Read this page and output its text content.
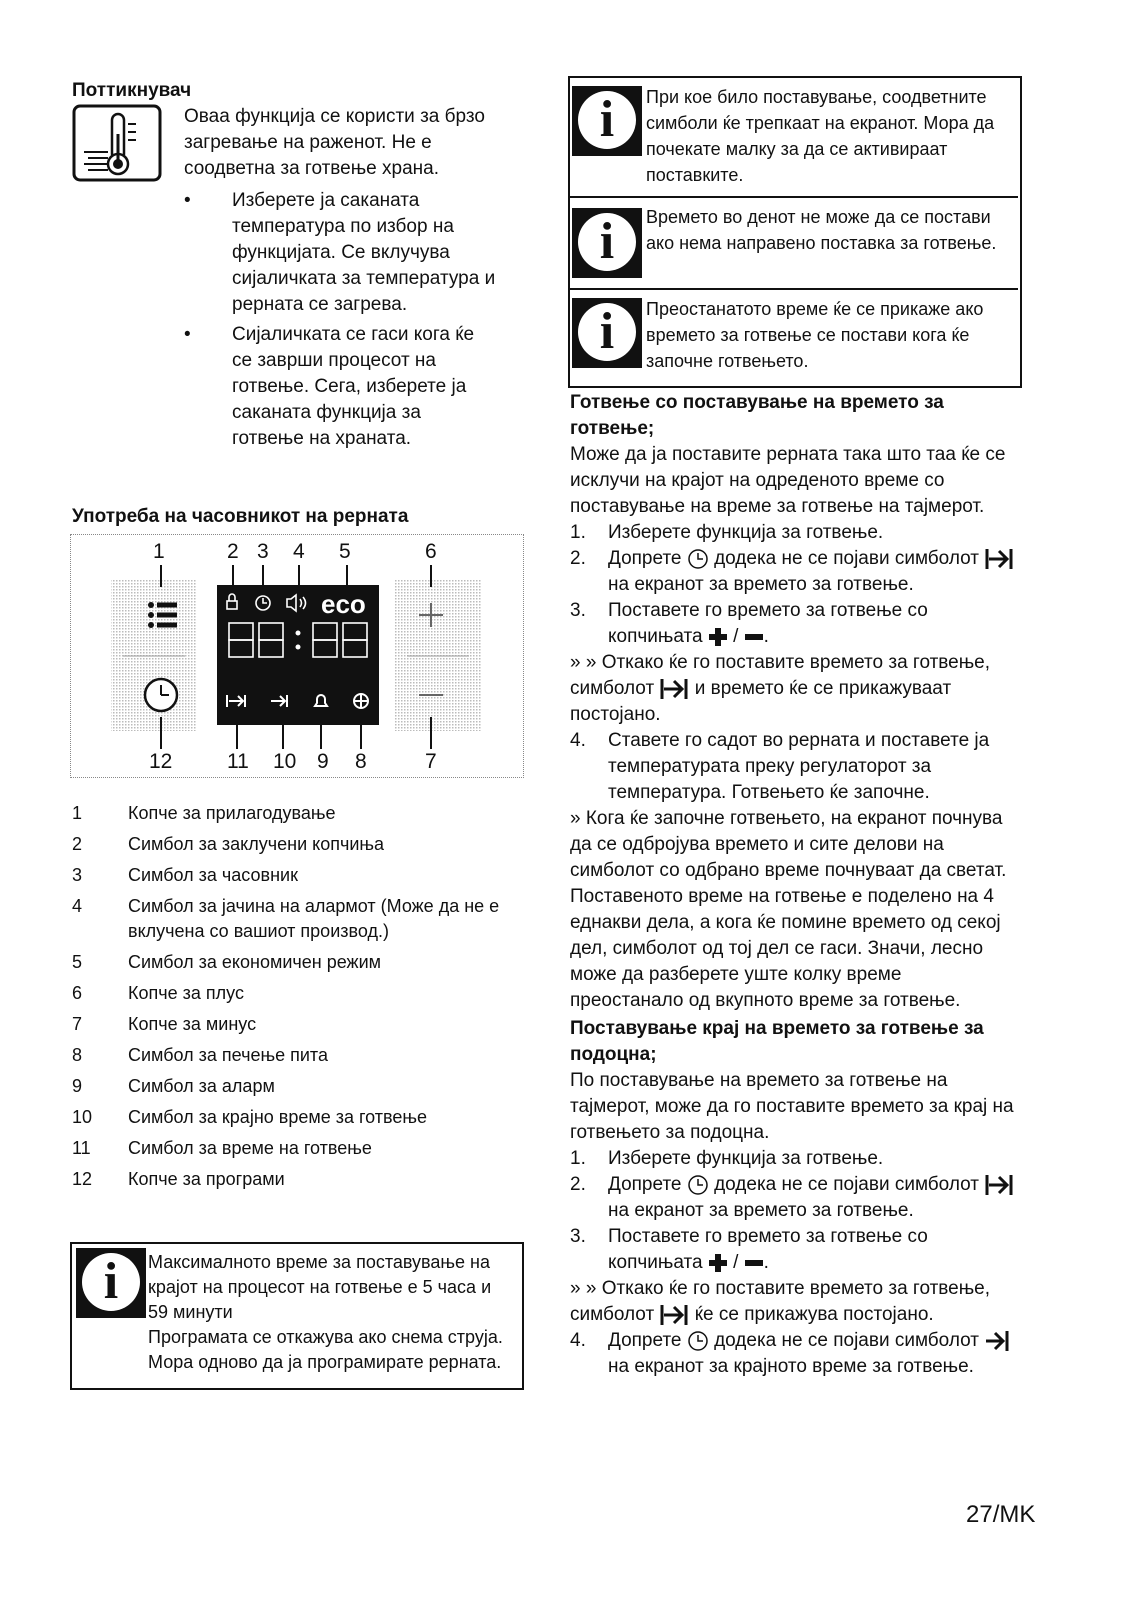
Поттикнувач

Оваа функција се користи за брзо

загревање на раженот. Не е

соодветна за готвење храна.

• Изберете ја саканата

температура по избор на

функцијата. Се вклучува

сијаличката за температура и

рерната се загрева.

• Сијаличката се гаси кога ќе

се заврши процесот на

готвење. Сега, изберете ја

саканата функција за

готвење на храната.

Употреба на часовникот на рерната
1	2 3 4 5	6
eco
12	11 10 9 8	7
1	Копче за прилагодување

2	Симбол за заклучени копчиња

3	Симбол за часовник

4	Симбол за јачина на алармот (Може да не е

вклучена со вашиот производ.)

5	Симбол за економичен режим

6	Копче за плус

7	Копче за минус

8	Симбол за печење пита

9	Симбол за аларм

10 Симбол за крајно време за готвење

11 Симбол за време на готвење

12 Копче за програми

i	Максималното време за поставување на

крајот на процесот на готвење е 5 часа и

59 минути

Програмата се откажува ако снема струја.

Мора одново да ја програмирате рерната.

i	При кое било поставување, соодветните

симболи ќе трепкаат на екранот. Мора да

почекате малку за да се активираат

поставките.

i	Времето во денот не може да се постави

ако нема направено поставка за готвење.

i	Преостанатото време ќе се прикаже ако

времето за готвење се постави кога ќе

започне готвењето.

Готвење со поставување на времето за

готвење;

Може да ја поставите рерната така што таа ќе се

исклучи на крајот на одреденото време со

поставување на време за готвење на тајмерот.

1. Изберете функција за готвење.
2. Допрете додека не се појави симболот
на екранот за времето за готвење.
3. Поставете го времето за готвење со
копчињата / .

» » Откако ќе го поставите времето за готвење,

симболот и времето ќе се прикажуваат

постојано.

4. Ставете го садот во рерната и поставете ја

температурата преку регулаторот за

температура. Готвењето ќе започне.

» Кога ќе започне готвењето, на екранот почнува

да се одбројува времето и сите делови на

симболот со одбрано време почнуваат да светат.

Поставеното време на готвење е поделено на 4

еднакви дела, а кога ќе помине времето од секој

дел, симболот од тој дел се гаси. Значи, лесно

може да разберете уште колку време

преостанало од вкупното време за готвење.

Поставување крај на времето за готвење за

подоцна;

По поставување на времето за готвење на

тајмерот, може да го поставите времето за крај на

готвењето за подоцна.

1. Изберете функција за готвење.
2. Допрете додека не се појави симболот
на екранот за времето за готвење.
3. Поставете го времето за готвење со
копчињата / .

» » Откако ќе го поставите времето за готвење,

симболот ќе се прикажува постојано.

4. Допрете додека не се појави симболот
на екранот за крајното време за готвење.
27/MK
